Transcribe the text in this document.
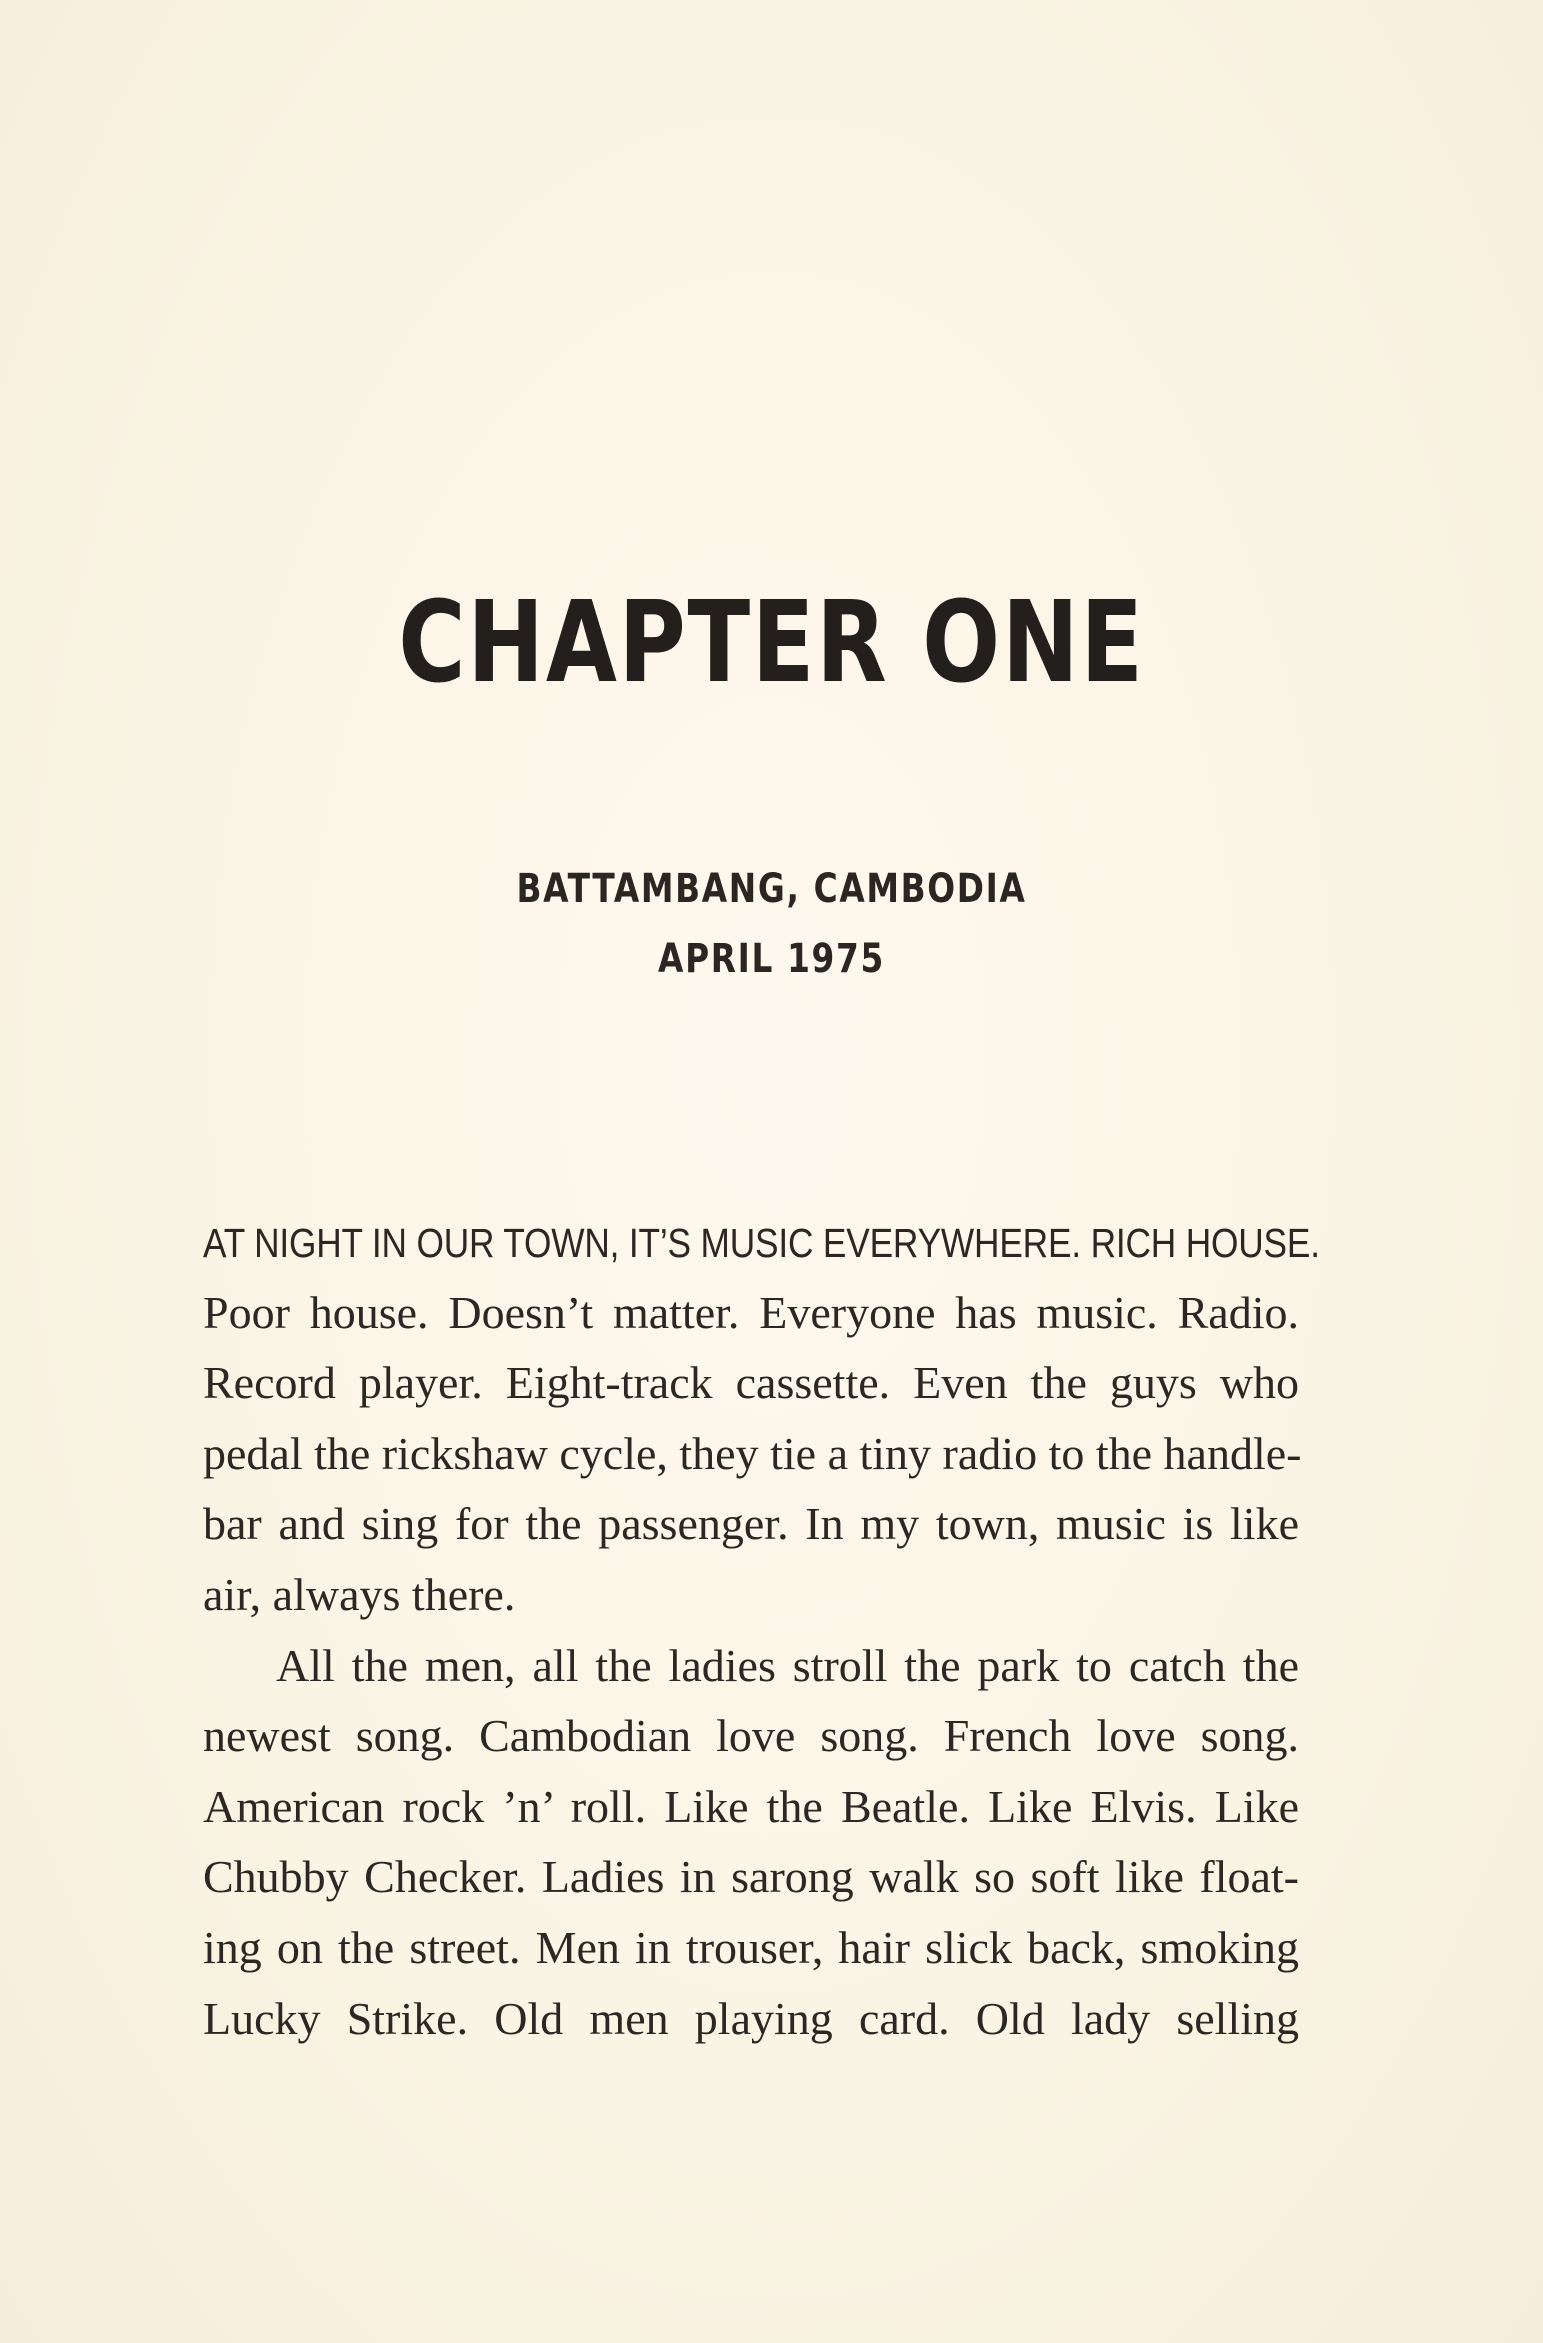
CHAPTER ONE
BATTAMBANG, CAMBODIA
APRIL 1975
AT NIGHT IN OUR TOWN, IT’S MUSIC EVERYWHERE. RICH HOUSE.
Poor house. Doesn’t matter. Everyone has music. Radio.
Record player. Eight-track cassette. Even the guys who
pedal the rickshaw cycle, they tie a tiny radio to the handle-
bar and sing for the passenger. In my town, music is like
air, always there.
All the men, all the ladies stroll the park to catch the
newest song. Cambodian love song. French love song.
American rock ’n’ roll. Like the Beatle. Like Elvis. Like
Chubby Checker. Ladies in sarong walk so soft like float-
ing on the street. Men in trouser, hair slick back, smoking
Lucky Strike. Old men playing card. Old lady selling
